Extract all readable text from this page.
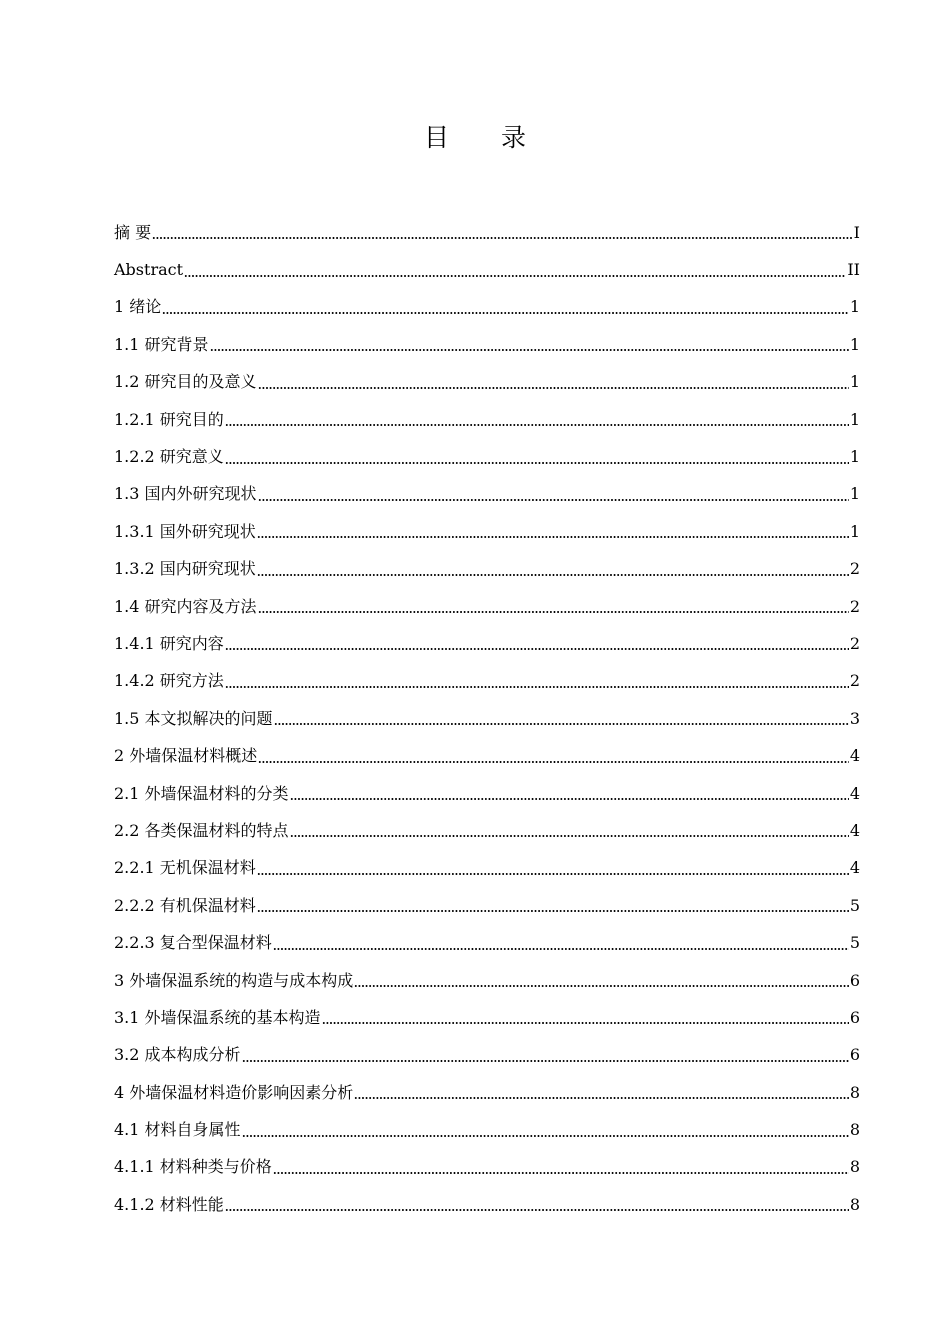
目 录
摘 要	I
Abstract	II
1 绪论	1
1.1 研究背景	1
1.2 研究目的及意义	1
1.2.1 研究目的	1
1.2.2 研究意义	1
1.3 国内外研究现状	1
1.3.1 国外研究现状	1
1.3.2 国内研究现状	2
1.4 研究内容及方法	2
1.4.1 研究内容	2
1.4.2 研究方法	2
1.5 本文拟解决的问题	3
2 外墙保温材料概述	4
2.1 外墙保温材料的分类	4
2.2 各类保温材料的特点	4
2.2.1 无机保温材料	4
2.2.2 有机保温材料	5
2.2.3 复合型保温材料	5
3 外墙保温系统的构造与成本构成	6
3.1 外墙保温系统的基本构造	6
3.2 成本构成分析	6
4 外墙保温材料造价影响因素分析	8
4.1 材料自身属性	8
4.1.1 材料种类与价格	8
4.1.2 材料性能	8
